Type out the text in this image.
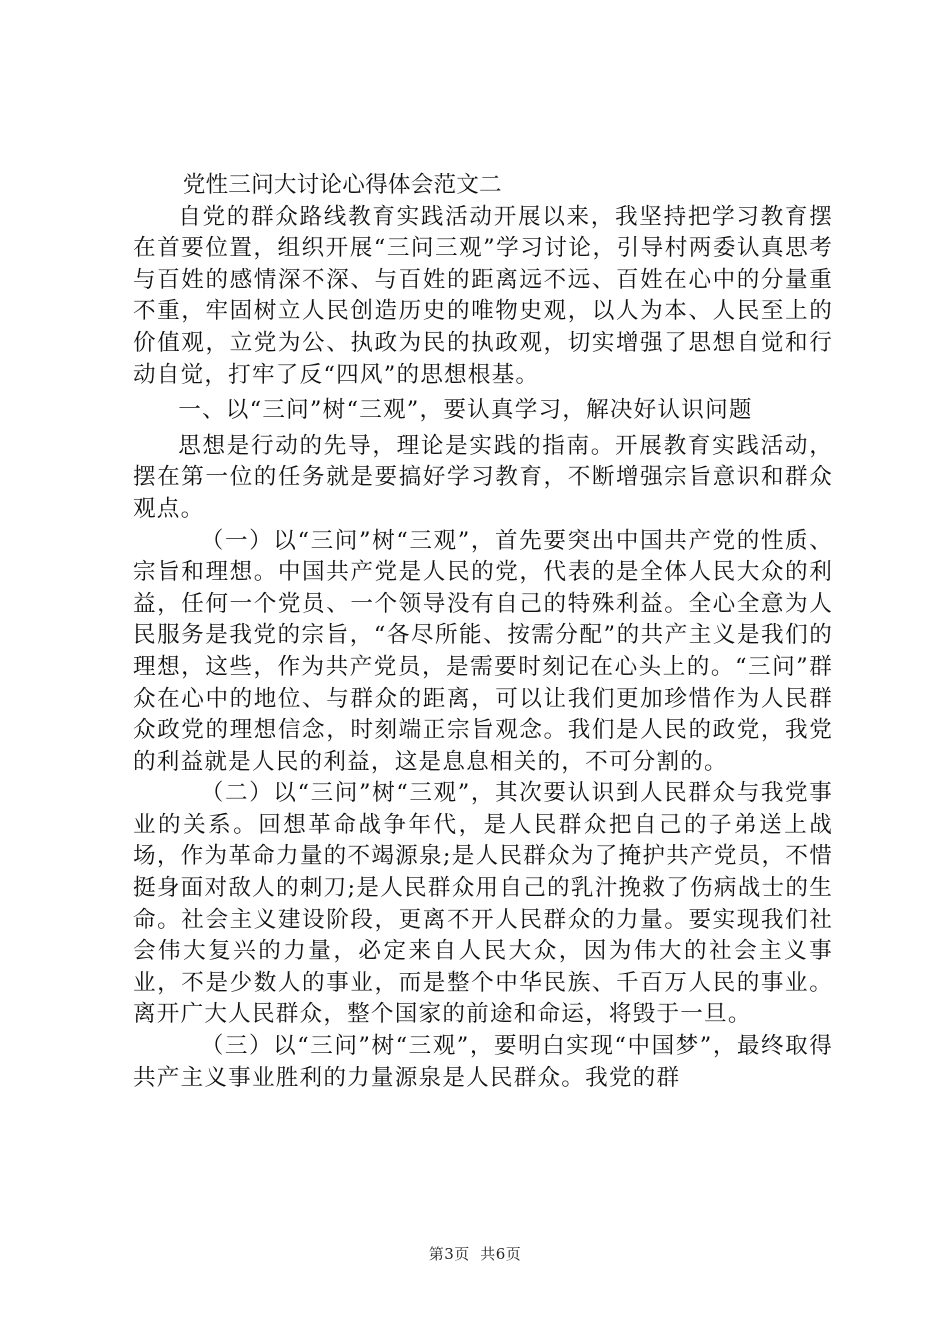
党性三问大讨论心得体会范文二

自党的群众路线教育实践活动开展以来，我坚持把学习教育摆在首要位置，组织开展“三问三观”学习讨论，引导村两委认真思考与百姓的感情深不深、与百姓的距离远不远、百姓在心中的分量重不重，牢固树立人民创造历史的唯物史观，以人为本、人民至上的价值观，立党为公、执政为民的执政观，切实增强了思想自觉和行动自觉，打牢了反“四风”的思想根基。

一、以“三问”树“三观”，要认真学习，解决好认识问题

思想是行动的先导，理论是实践的指南。开展教育实践活动，摆在第一位的任务就是要搞好学习教育，不断增强宗旨意识和群众观点。

（一）以“三问”树“三观”，首先要突出中国共产党的性质、宗旨和理想。中国共产党是人民的党，代表的是全体人民大众的利益，任何一个党员、一个领导没有自己的特殊利益。全心全意为人民服务是我党的宗旨，“各尽所能、按需分配”的共产主义是我们的理想，这些，作为共产党员，是需要时刻记在心头上的。“三问”群众在心中的地位、与群众的距离，可以让我们更加珍惜作为人民群众政党的理想信念，时刻端正宗旨观念。我们是人民的政党，我党的利益就是人民的利益，这是息息相关的，不可分割的。

（二）以“三问”树“三观”，其次要认识到人民群众与我党事业的关系。回想革命战争年代，是人民群众把自己的子弟送上战场，作为革命力量的不竭源泉;是人民群众为了掩护共产党员，不惜挺身面对敌人的刺刀;是人民群众用自己的乳汁挽救了伤病战士的生命。社会主义建设阶段，更离不开人民群众的力量。要实现我们社会伟大复兴的力量，必定来自人民大众，因为伟大的社会主义事业，不是少数人的事业，而是整个中华民族、千百万人民的事业。离开广大人民群众，整个国家的前途和命运，将毁于一旦。

（三）以“三问”树“三观”，要明白实现“中国梦”，最终取得共产主义事业胜利的力量源泉是人民群众。我党的群

第3页  共6页
